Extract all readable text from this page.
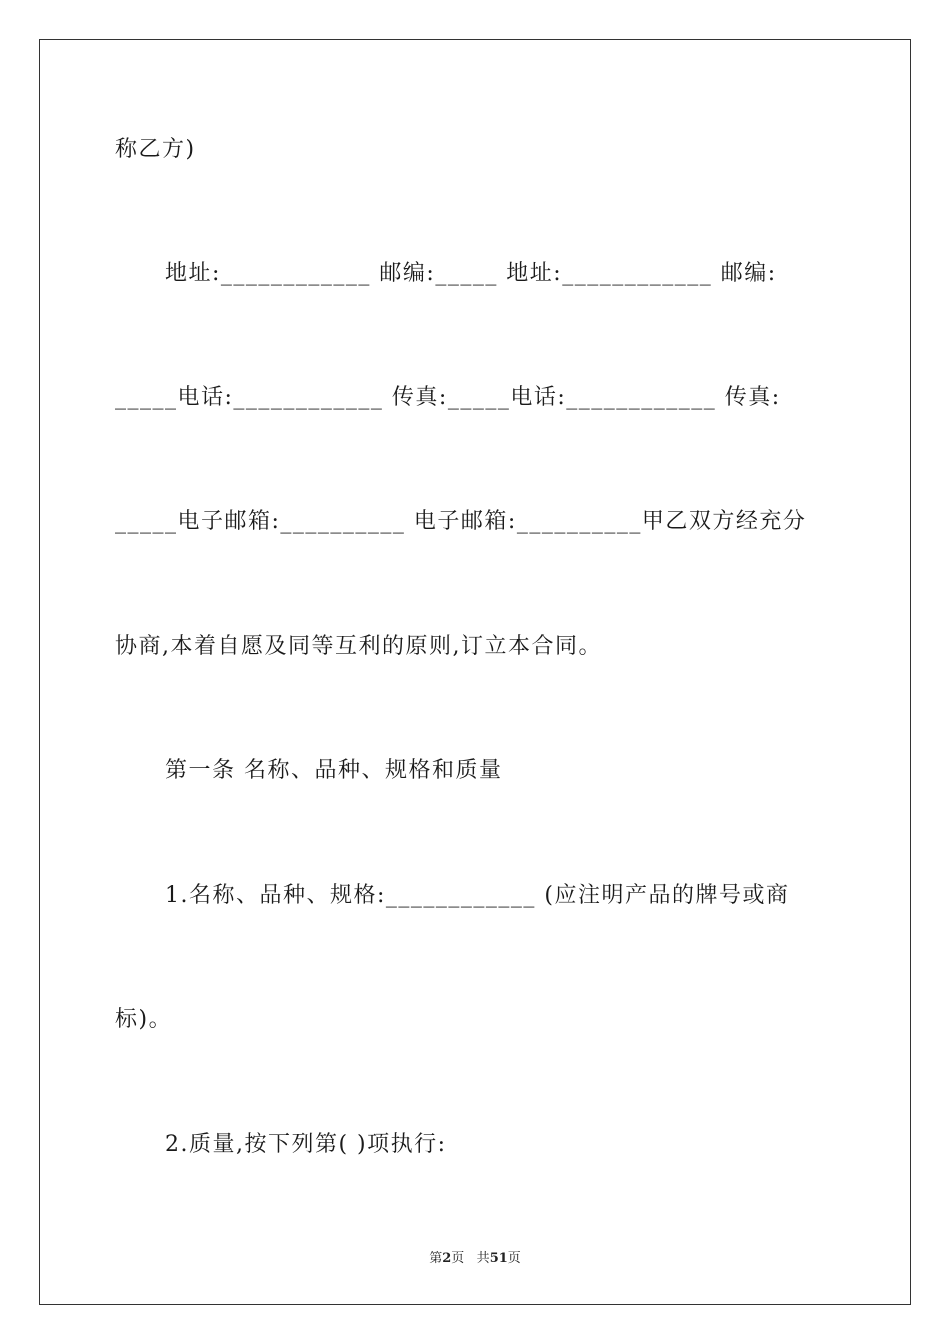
称乙方)
地址:____________ 邮编:_____ 地址:____________ 邮编:
_____电话:____________ 传真:_____电话:____________ 传真:
_____电子邮箱:__________ 电子邮箱:__________甲乙双方经充分
协商,本着自愿及同等互利的原则,订立本合同。
第一条 名称、品种、规格和质量
1.名称、品种、规格:____________ (应注明产品的牌号或商
标)。
2.质量,按下列第( )项执行:
第2页 共51页
